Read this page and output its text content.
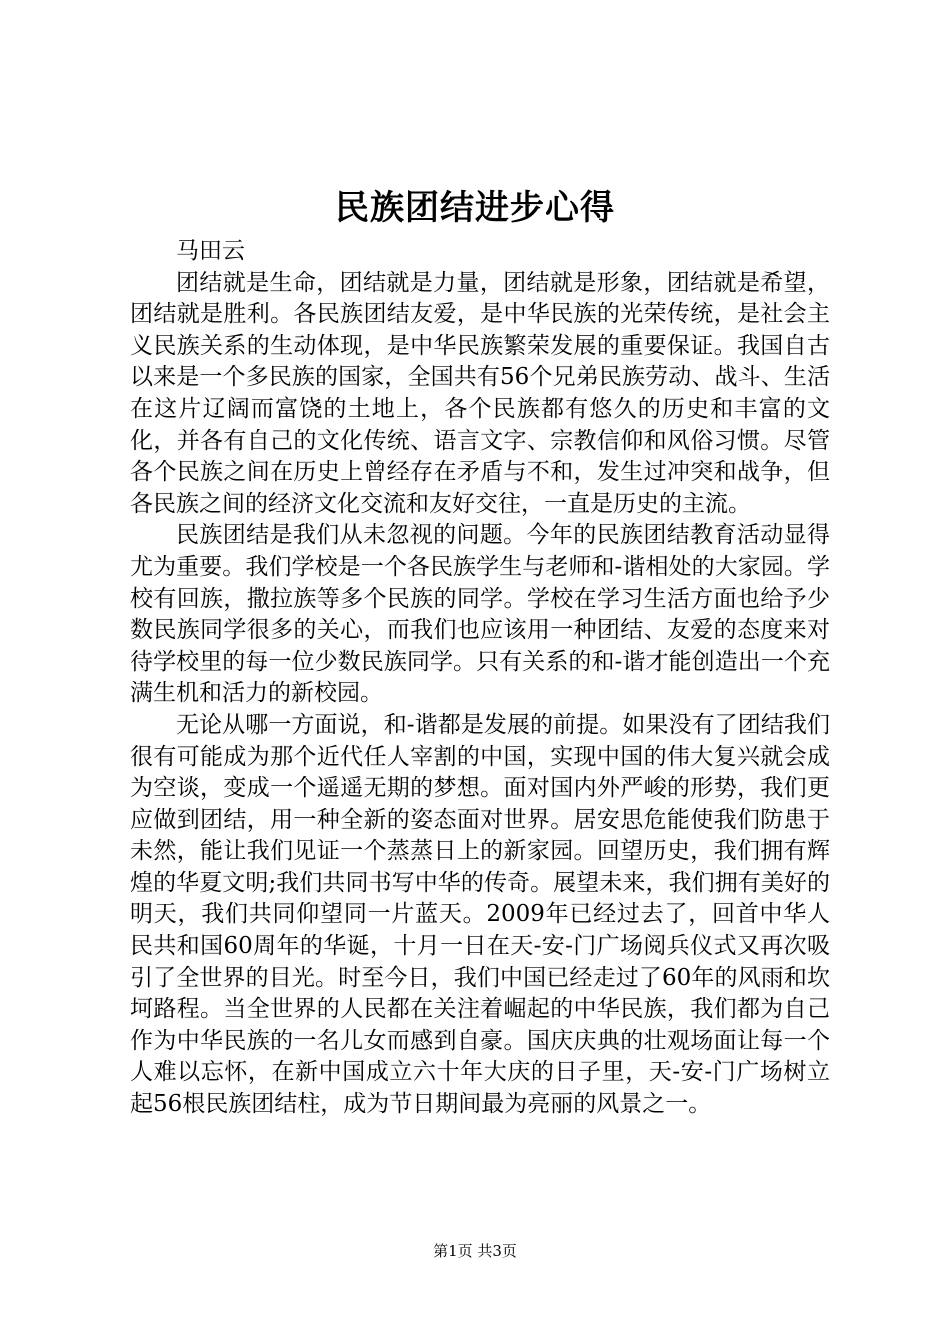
民族团结进步心得
马田云

团结就是生命，团结就是力量，团结就是形象，团结就是希望，团结就是胜利。各民族团结友爱，是中华民族的光荣传统，是社会主义民族关系的生动体现，是中华民族繁荣发展的重要保证。我国自古以来是一个多民族的国家，全国共有56个兄弟民族劳动、战斗、生活在这片辽阔而富饶的土地上，各个民族都有悠久的历史和丰富的文化，并各有自己的文化传统、语言文字、宗教信仰和风俗习惯。尽管各个民族之间在历史上曾经存在矛盾与不和，发生过冲突和战争，但各民族之间的经济文化交流和友好交往，一直是历史的主流。

民族团结是我们从未忽视的问题。今年的民族团结教育活动显得尤为重要。我们学校是一个各民族学生与老师和-谐相处的大家园。学校有回族，撒拉族等多个民族的同学。学校在学习生活方面也给予少数民族同学很多的关心，而我们也应该用一种团结、友爱的态度来对待学校里的每一位少数民族同学。只有关系的和-谐才能创造出一个充满生机和活力的新校园。

无论从哪一方面说，和-谐都是发展的前提。如果没有了团结我们很有可能成为那个近代任人宰割的中国，实现中国的伟大复兴就会成为空谈，变成一个遥遥无期的梦想。面对国内外严峻的形势，我们更应做到团结，用一种全新的姿态面对世界。居安思危能使我们防患于未然，能让我们见证一个蒸蒸日上的新家园。回望历史，我们拥有辉煌的华夏文明;我们共同书写中华的传奇。展望未来，我们拥有美好的明天，我们共同仰望同一片蓝天。2009年已经过去了，回首中华人民共和国60周年的华诞，十月一日在天-安-门广场阅兵仪式又再次吸引了全世界的目光。时至今日，我们中国已经走过了60年的风雨和坎坷路程。当全世界的人民都在关注着崛起的中华民族，我们都为自己作为中华民族的一名儿女而感到自豪。国庆庆典的壮观场面让每一个人难以忘怀，在新中国成立六十年大庆的日子里，天-安-门广场树立起56根民族团结柱，成为节日期间最为亮丽的风景之一。

第1页 共3页
